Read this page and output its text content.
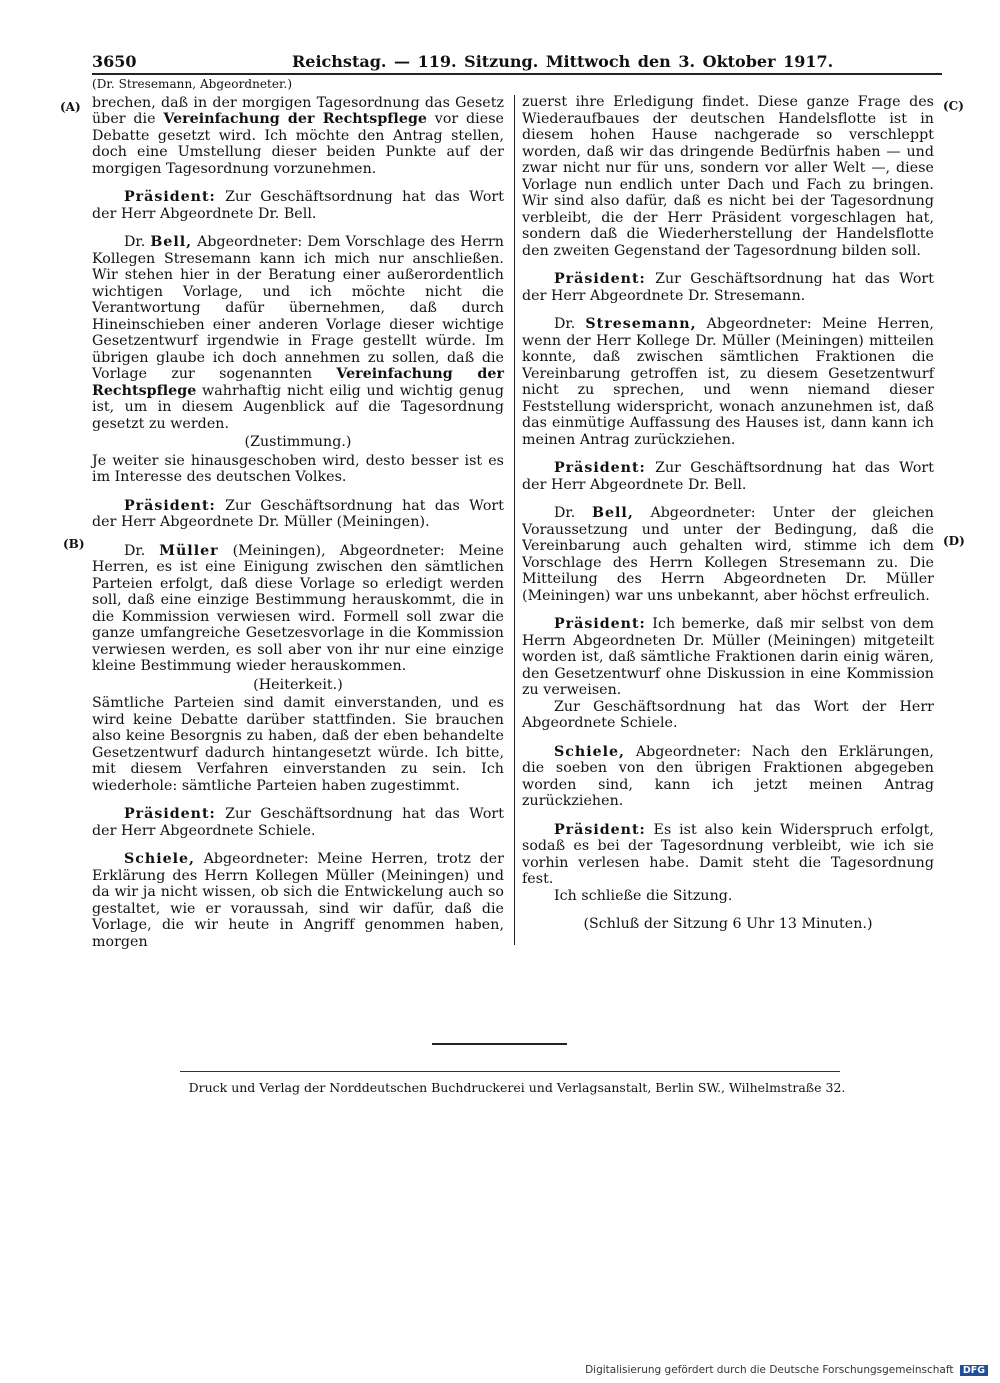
3650	Reichstag. — 119. Sitzung. Mittwoch den 3. Oktober 1917.
(A)
(B)
(C)
(D)
(Dr. Stresemann, Abgeordneter.)

brechen, daß in der morgigen Tagesordnung das Gesetz über die Vereinfachung der Rechtspflege vor diese Debatte gesetzt wird. Ich möchte den Antrag stellen, doch eine Umstellung dieser beiden Punkte auf der morgigen Tagesordnung vorzunehmen.

Präsident: Zur Geschäftsordnung hat das Wort der Herr Abgeordnete Dr. Bell.

Dr. Bell, Abgeordneter: Dem Vorschlage des Herrn Kollegen Stresemann kann ich mich nur anschließen. Wir stehen hier in der Beratung einer außerordentlich wichtigen Vorlage, und ich möchte nicht die Verantwortung dafür übernehmen, daß durch Hineinschieben einer anderen Vorlage dieser wichtige Gesetzentwurf irgendwie in Frage gestellt würde. Im übrigen glaube ich doch annehmen zu sollen, daß die Vorlage zur sogenannten Vereinfachung der Rechtspflege wahrhaftig nicht eilig und wichtig genug ist, um in diesem Augenblick auf die Tagesordnung gesetzt zu werden.

(Zustimmung.)

Je weiter sie hinausgeschoben wird, desto besser ist es im Interesse des deutschen Volkes.

Präsident: Zur Geschäftsordnung hat das Wort der Herr Abgeordnete Dr. Müller (Meiningen).

Dr. Müller (Meiningen), Abgeordneter: Meine Herren, es ist eine Einigung zwischen den sämtlichen Parteien erfolgt, daß diese Vorlage so erledigt werden soll, daß eine einzige Bestimmung herauskommt, die in die Kommission verwiesen wird. Formell soll zwar die ganze umfangreiche Gesetzesvorlage in die Kommission verwiesen werden, es soll aber von ihr nur eine einzige kleine Bestimmung wieder herauskommen.

(Heiterkeit.)

Sämtliche Parteien sind damit einverstanden, und es wird keine Debatte darüber stattfinden. Sie brauchen also keine Besorgnis zu haben, daß der eben behandelte Gesetzentwurf dadurch hintangesetzt würde. Ich bitte, mit diesem Verfahren einverstanden zu sein. Ich wiederhole: sämtliche Parteien haben zugestimmt.

Präsident: Zur Geschäftsordnung hat das Wort der Herr Abgeordnete Schiele.

Schiele, Abgeordneter: Meine Herren, trotz der Erklärung des Herrn Kollegen Müller (Meiningen) und da wir ja nicht wissen, ob sich die Entwickelung auch so gestaltet, wie er voraussah, sind wir dafür, daß die Vorlage, die wir heute in Angriff genommen haben, morgen

zuerst ihre Erledigung findet. Diese ganze Frage des Wiederaufbaues der deutschen Handelsflotte ist in diesem hohen Hause nachgerade so verschleppt worden, daß wir das dringende Bedürfnis haben — und zwar nicht nur für uns, sondern vor aller Welt —, diese Vorlage nun endlich unter Dach und Fach zu bringen. Wir sind also dafür, daß es nicht bei der Tagesordnung verbleibt, die der Herr Präsident vorgeschlagen hat, sondern daß die Wiederherstellung der Handelsflotte den zweiten Gegenstand der Tagesordnung bilden soll.

Präsident: Zur Geschäftsordnung hat das Wort der Herr Abgeordnete Dr. Stresemann.

Dr. Stresemann, Abgeordneter: Meine Herren, wenn der Herr Kollege Dr. Müller (Meiningen) mitteilen konnte, daß zwischen sämtlichen Fraktionen die Vereinbarung getroffen ist, zu diesem Gesetzentwurf nicht zu sprechen, und wenn niemand dieser Feststellung widerspricht, wonach anzunehmen ist, daß das einmütige Auffassung des Hauses ist, dann kann ich meinen Antrag zurückziehen.

Präsident: Zur Geschäftsordnung hat das Wort der Herr Abgeordnete Dr. Bell.

Dr. Bell, Abgeordneter: Unter der gleichen Voraussetzung und unter der Bedingung, daß die Vereinbarung auch gehalten wird, stimme ich dem Vorschlage des Herrn Kollegen Stresemann zu. Die Mitteilung des Herrn Abgeordneten Dr. Müller (Meiningen) war uns unbekannt, aber höchst erfreulich.

Präsident: Ich bemerke, daß mir selbst von dem Herrn Abgeordneten Dr. Müller (Meiningen) mitgeteilt worden ist, daß sämtliche Fraktionen darin einig wären, den Gesetzentwurf ohne Diskussion in eine Kommission zu verweisen.

Zur Geschäftsordnung hat das Wort der Herr Abgeordnete Schiele.

Schiele, Abgeordneter: Nach den Erklärungen, die soeben von den übrigen Fraktionen abgegeben worden sind, kann ich jetzt meinen Antrag zurückziehen.

Präsident: Es ist also kein Widerspruch erfolgt, sodaß es bei der Tagesordnung verbleibt, wie ich sie vorhin verlesen habe. Damit steht die Tagesordnung fest.

Ich schließe die Sitzung.

(Schluß der Sitzung 6 Uhr 13 Minuten.)
Druck und Verlag der Norddeutschen Buchdruckerei und Verlagsanstalt, Berlin SW., Wilhelmstraße 32.
Digitalisierung gefördert durch die Deutsche Forschungsgemeinschaft DFG
